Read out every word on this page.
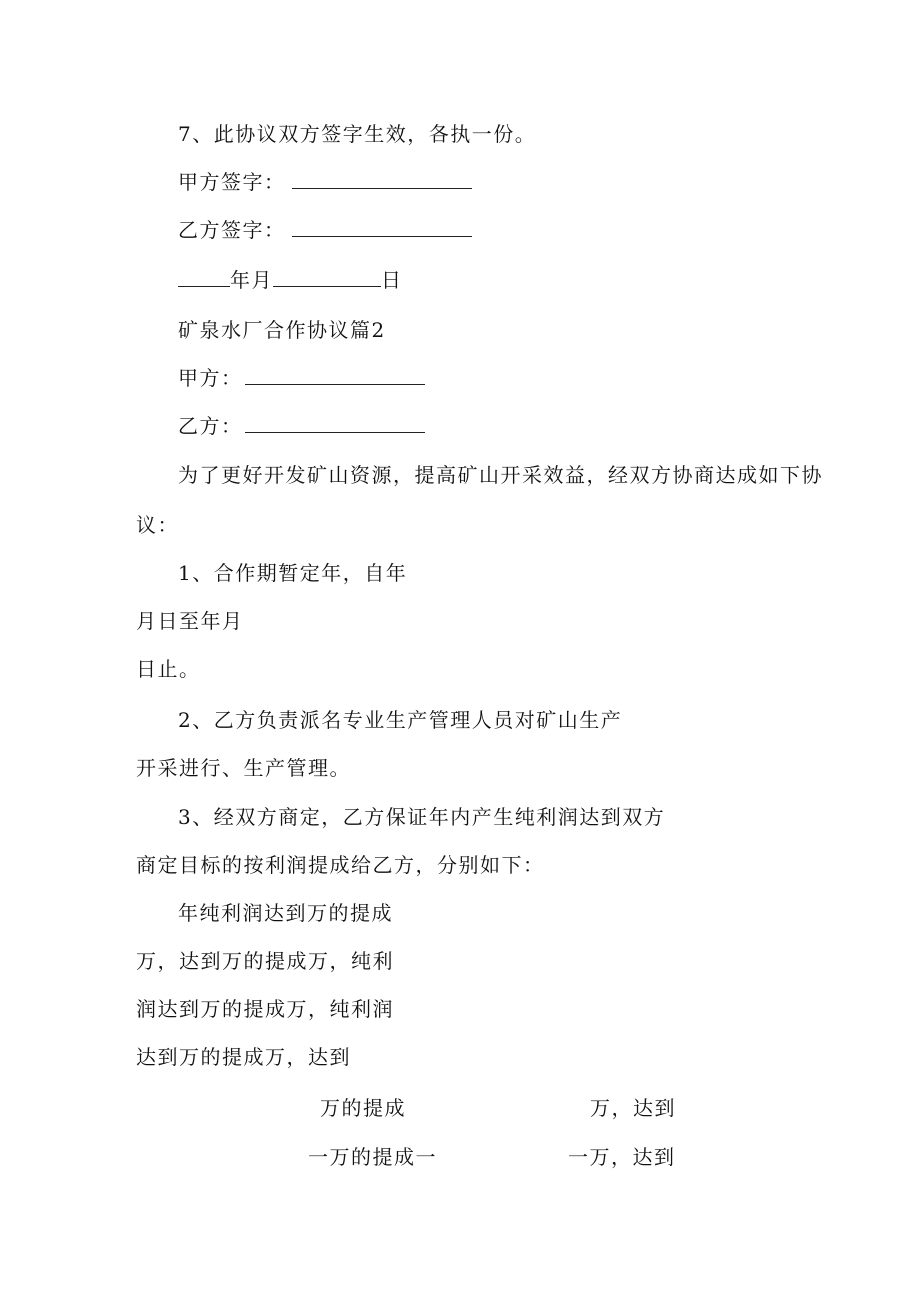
7、此协议双方签字生效，各执一份。
甲方签字：
乙方签字：
年月	日
矿泉水厂合作协议篇2
甲方：
乙方：
为了更好开发矿山资源，提高矿山开采效益，经双方协商达成如下协
议：
1、合作期暂定年，自年
月日至年月
日止。
2、乙方负责派名专业生产管理人员对矿山生产
开采进行、生产管理。
3、经双方商定，乙方保证年内产生纯利润达到双方
商定目标的按利润提成给乙方，分别如下：
年纯利润达到万的提成
万，达到万的提成万，纯利
润达到万的提成万，纯利润
达到万的提成万，达到
万的提成	万，达到
一万的提成一	一万，达到
